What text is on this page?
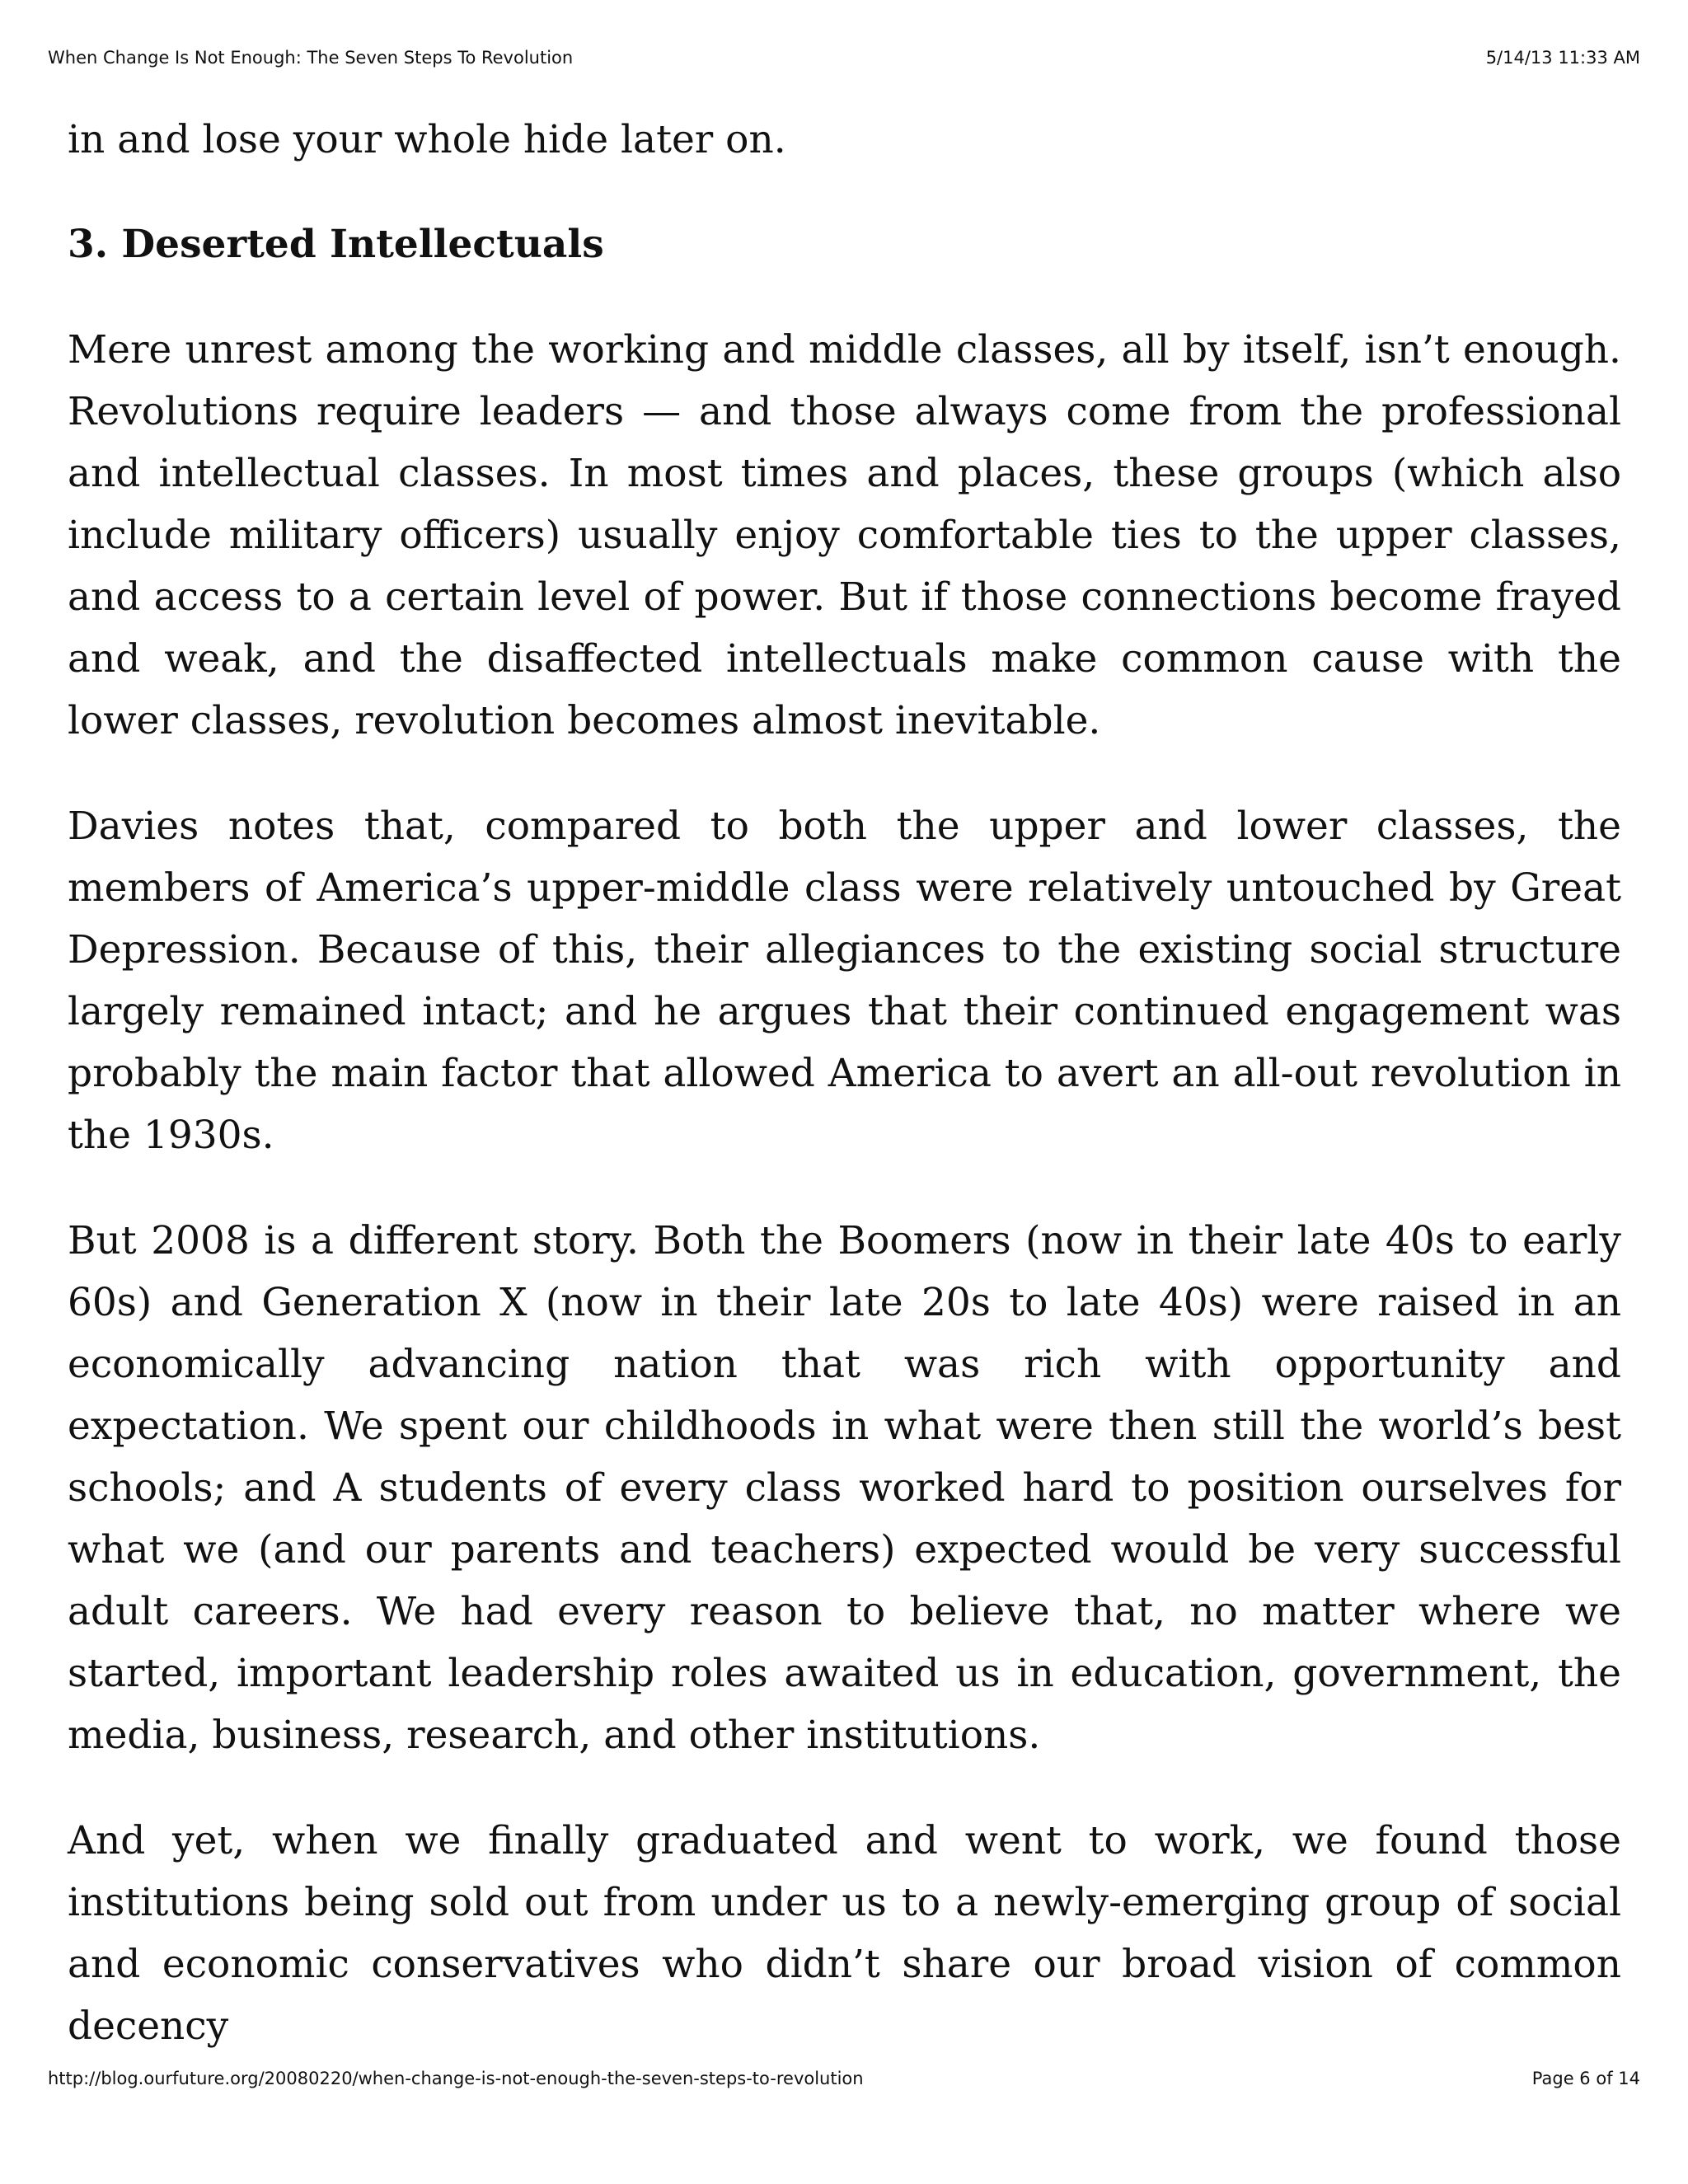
When Change Is Not Enough: The Seven Steps To Revolution	5/14/13 11:33 AM

in and lose your whole hide later on.

3. Deserted Intellectuals

Mere unrest among the working and middle classes, all by itself, isn’t enough. Revolutions require leaders — and those always come from the professional and intellectual classes. In most times and places, these groups (which also include military officers) usually enjoy comfortable ties to the upper classes, and access to a certain level of power. But if those connections become frayed and weak, and the disaffected intellectuals make common cause with the lower classes, revolution becomes almost inevitable.

Davies notes that, compared to both the upper and lower classes, the members of America’s upper-middle class were relatively untouched by Great Depression. Because of this, their allegiances to the existing social structure largely remained intact; and he argues that their continued engagement was probably the main factor that allowed America to avert an all-out revolution in the 1930s.

But 2008 is a different story. Both the Boomers (now in their late 40s to early 60s) and Generation X (now in their late 20s to late 40s) were raised in an economically advancing nation that was rich with opportunity and expectation. We spent our childhoods in what were then still the world’s best schools; and A students of every class worked hard to position ourselves for what we (and our parents and teachers) expected would be very successful adult careers. We had every reason to believe that, no matter where we started, important leadership roles awaited us in education, government, the media, business, research, and other institutions.

And yet, when we finally graduated and went to work, we found those institutions being sold out from under us to a newly-emerging group of social and economic conservatives who didn’t share our broad vision of common decency

http://blog.ourfuture.org/20080220/when-change-is-not-enough-the-seven-steps-to-revolution	Page 6 of 14
